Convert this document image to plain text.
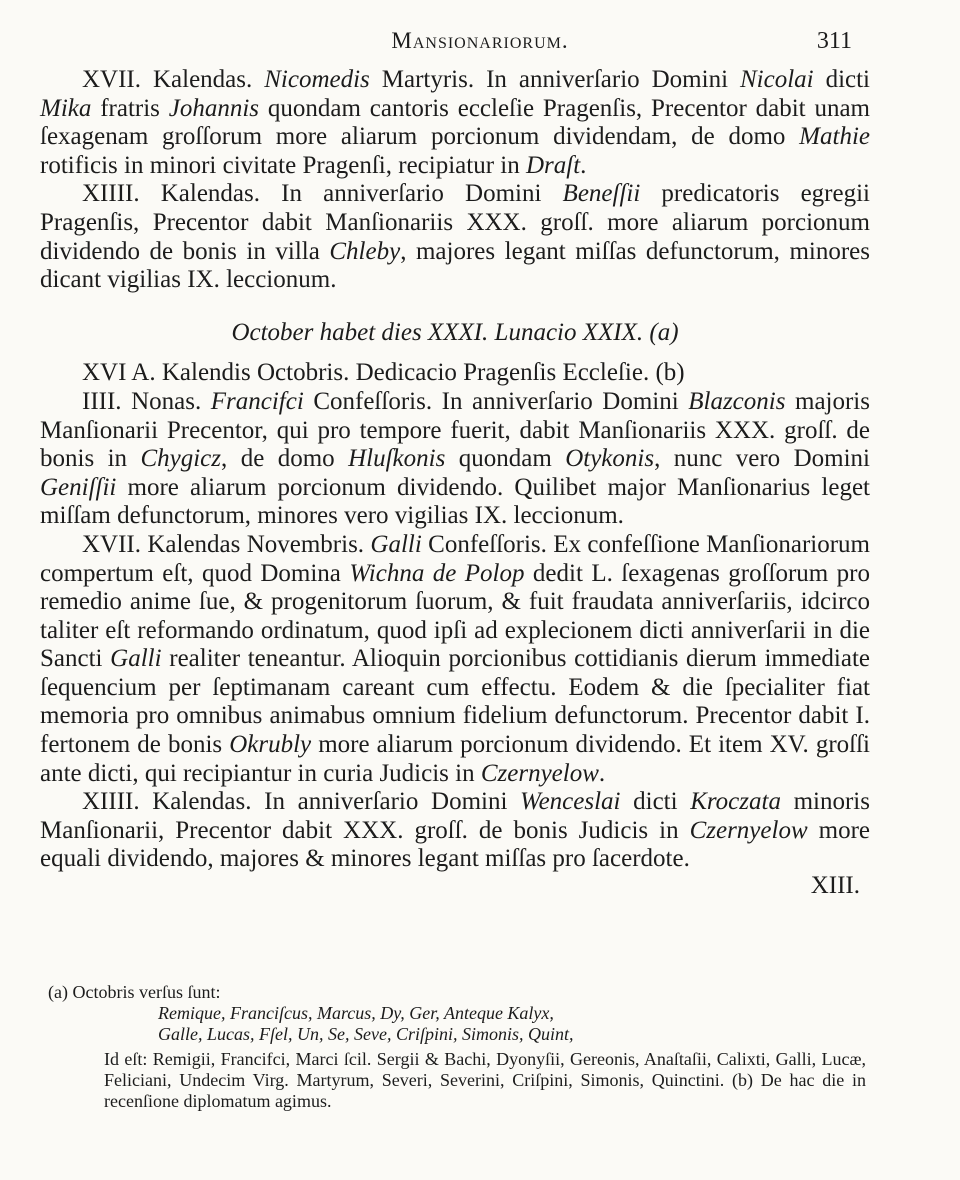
Mansionariorum.	311

XVII. Kalendas. Nicomedis Martyris. In anniverſario Domini Nicolai dicti Mika fratris Johannis quondam cantoris eccleſie Pragenſis, Precentor dabit unam ſexagenam groſſorum more aliarum porcionum dividendam, de domo Mathie rotificis in minori civitate Pragenſi, recipiatur in Draſt.

XIIII. Kalendas. In anniverſario Domini Beneſſii predicatoris egregii Pragenſis, Precentor dabit Manſionariis XXX. groſſ. more aliarum porcionum dividendo de bonis in villa Chleby, majores legant miſſas defunctorum, minores dicant vigilias IX. leccionum.

October habet dies XXXI. Lunacio XXIX. (a)

XVI A. Kalendis Octobris. Dedicacio Pragenſis Eccleſie. (b)

IIII. Nonas. Francifci Confeſſoris. In anniverſario Domini Blazconis majoris Manſionarii Precentor, qui pro tempore fuerit, dabit Manſionariis XXX. groſſ. de bonis in Chygicz, de domo Hluſkonis quondam Otykonis, nunc vero Domini Geniſſii more aliarum porcionum dividendo. Quilibet major Manſionarius leget miſſam defunctorum, minores vero vigilias IX. leccionum.

XVII. Kalendas Novembris. Galli Confeſſoris. Ex confeſſione Manſionariorum compertum eſt, quod Domina Wichna de Polop dedit L. ſexagenas groſſorum pro remedio anime ſue, & progenitorum ſuorum, & fuit fraudata anniverſariis, idcirco taliter eſt reformando ordinatum, quod ipſi ad explecionem dicti anniverſarii in die Sancti Galli realiter teneantur. Alioquin porcionibus cottidianis dierum immediate ſequencium per ſeptimanam careant cum effectu. Eodem & die ſpecialiter fiat memoria pro omnibus animabus omnium fidelium defunctorum. Precentor dabit I. fertonem de bonis Okrubly more aliarum porcionum dividendo. Et item XV. groſſi ante dicti, qui recipiantur in curia Judicis in Czernyelow.

XIIII. Kalendas. In anniverſario Domini Wenceslai dicti Kroczata minoris Manſionarii, Precentor dabit XXX. groſſ. de bonis Judicis in Czernyelow more equali dividendo, majores & minores legant miſſas pro ſacerdote.

XIII.

(a) Octobris verſus ſunt:

Remique, Franciſcus, Marcus, Dy, Ger, Anteque Kalyx,

Galle, Lucas, Fſel, Un, Se, Seve, Criſpini, Simonis, Quint,

Id eſt: Remigii, Francifci, Marci ſcil. Sergii & Bachi, Dyonyſii, Gereonis, Anaſtaſii, Calixti, Galli, Lucæ, Feliciani, Undecim Virg. Martyrum, Severi, Severini, Criſpini, Simonis, Quinctini. (b) De hac die in recenſione diplomatum agimus.
